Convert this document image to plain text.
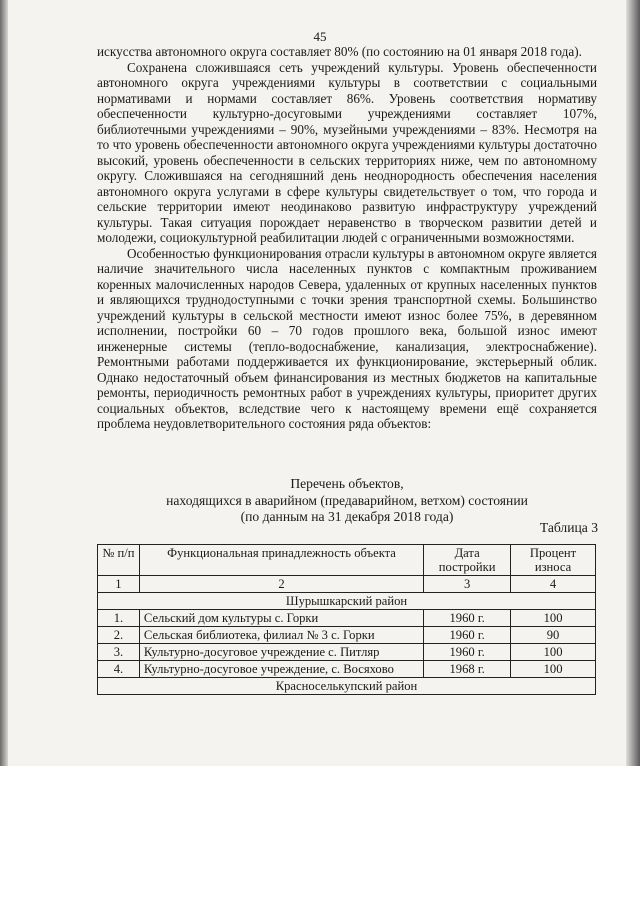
45

искусства автономного округа составляет 80% (по состоянию на 01 января 2018 года).

Сохранена сложившаяся сеть учреждений культуры. Уровень обеспеченности автономного округа учреждениями культуры в соответствии с социальными нормативами и нормами составляет 86%. Уровень соответствия нормативу обеспеченности культурно-досуговыми учреждениями составляет 107%, библиотечными учреждениями – 90%, музейными учреждениями – 83%. Несмотря на то что уровень обеспеченности автономного округа учреждениями культуры достаточно высокий, уровень обеспеченности в сельских территориях ниже, чем по автономному округу. Сложившаяся на сегодняшний день неоднородность обеспечения населения автономного округа услугами в сфере культуры свидетельствует о том, что города и сельские территории имеют неодинаково развитую инфраструктуру учреждений культуры. Такая ситуация порождает неравенство в творческом развитии детей и молодежи, социокультурной реабилитации людей с ограниченными возможностями.

Особенностью функционирования отрасли культуры в автономном округе является наличие значительного числа населенных пунктов с компактным проживанием коренных малочисленных народов Севера, удаленных от крупных населенных пунктов и являющихся труднодоступными с точки зрения транспортной схемы. Большинство учреждений культуры в сельской местности имеют износ более 75%, в деревянном исполнении, постройки 60 – 70 годов прошлого века, большой износ имеют инженерные системы (тепло-водоснабжение, канализация, электроснабжение). Ремонтными работами поддерживается их функционирование, экстерьерный облик. Однако недостаточный объем финансирования из местных бюджетов на капитальные ремонты, периодичность ремонтных работ в учреждениях культуры, приоритет других социальных объектов, вследствие чего к настоящему времени ещё сохраняется проблема неудовлетворительного состояния ряда объектов:

Перечень объектов,
находящихся в аварийном (предаварийном, ветхом) состоянии
(по данным на 31 декабря 2018 года)
Таблица 3
№ п/п	Функциональная принадлежность объекта	Дата постройки	Процент износа
1	2	3	4
Шурышкарский район			
1.	Сельский дом культуры с. Горки	1960 г.	100
2.	Сельская библиотека, филиал № 3 с. Горки	1960 г.	90
3.	Культурно-досуговое учреждение с. Питляр	1960 г.	100
4.	Культурно-досуговое учреждение, с. Восяхово	1968 г.	100
Красноселькупский район			
